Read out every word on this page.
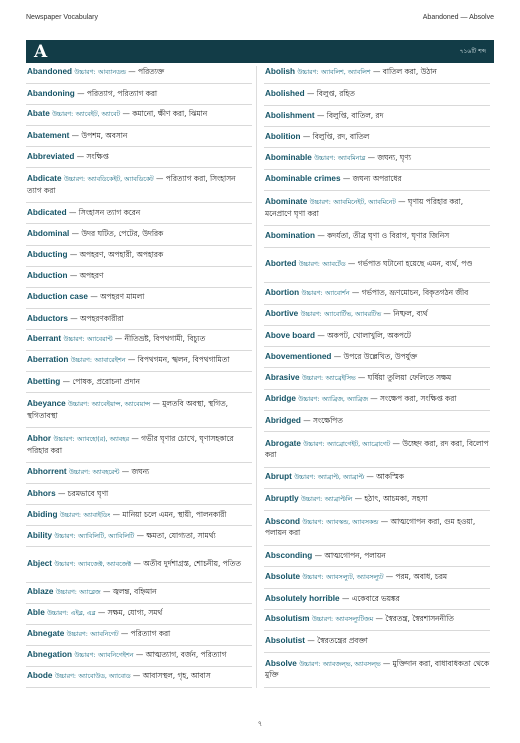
Newspaper Vocabulary	Abandoned — Absolve
A	৭১৬টি শব্দ

Abandoned উচ্চারণ: আব্যানডন্ড — পরিত্যক্ত

Abandoning — পরিত্যাগ, পরিত্যাগ করা

Abate উচ্চারণ: অ্যাবেইট, অ্যাবেট — কমানো, ক্ষীণ করা, ঝিমান

Abatement — উপশম, অবসান

Abbreviated — সংক্ষিপ্ত

Abdicate উচ্চারণ: অ্যাবডিকেইট, অ্যাবডিকেট — পরিত্যাগ করা, সিংহাসন ত্যাগ করা

Abdicated — সিংহাসন ত্যাগ করেন

Abdominal — উদর ঘটিত, পেটের, উদরিক

Abducting — অপহরণ, অপহারী, অপহারক

Abduction — অপহরণ

Abduction case — অপহরণ মামলা

Abductors — অপহরণকারীরা

Aberrant উচ্চারণ: অ্যাবেরান্ট — নীতিভ্রষ্ট, বিপথগামী, বিচ্যুত

Aberration উচ্চারণ: অ্যাবারেইশন — বিপথগমন, স্খলন, বিপথগামিতা

Abetting — পোষক, প্ররোচনা প্রদান

Abeyance উচ্চারণ: অ্যাবেইয়ান্স, অ্যাবেয়ান্স — মুলতবি অবস্থা, স্থগিত, স্থগিতাবস্থা

Abhor উচ্চারণ: অ্যাবহো(র), অ্যাবহর — গভীর ঘৃণার চোখে, ঘৃণাসহকারে পরিহার করা

Abhorrent উচ্চারণ: অ্যাবহরেন্ট — জঘন্য

Abhors — চরমভাবে ঘৃণা

Abiding উচ্চারণ: অ্যাবাইডিং — মানিয়া চলে এমন, স্থায়ী, পালনকারী

Ability উচ্চারণ: অ্যাবিলিটি, অ্যাবিলিটি — ক্ষমতা, যোগ্যতা, সামর্থ্য

Abject উচ্চারণ: অ্যাবজেক্ট, অ্যাবজেক্ট — অতীব দুর্দশাগ্রস্ত, শোচনীয়, পতিত

Ablaze উচ্চারণ: অ্যাব্লেজ — জ্বলন্ত, বহ্নিমান

Able উচ্চারণ: এইব্ল, এব্ল — সক্ষম, যোগ্য, সমর্থ

Abnegate উচ্চারণ: অ্যাবনিগেট — পরিত্যাগ করা

Abnegation উচ্চারণ: অ্যাবনিগেইশন — আত্মত্যাগ, বর্জন, পরিত্যাগ

Abode উচ্চারণ: অ্যাবোউড, অ্যাবোড — আবাসস্থল, গৃহ, আবাস

Abolish উচ্চারণ: অ্যাবলিশ, অ্যাবলিশ — বাতিল করা, উঠান

Abolished — বিলুপ্ত, রহিত

Abolishment — বিলুপ্তি, বাতিল, রদ

Abolition — বিলুপ্তি, রদ, বাতিল

Abominable উচ্চারণ: অ্যাবমিনাব্ল — জঘন্য, ঘৃণ্য

Abominable crimes — জঘন্য অপরাধের

Abominate উচ্চারণ: অ্যাবমিনেইট, অ্যাবমিনেট — ঘৃণায় পরিহার করা, মনেপ্রাণে ঘৃণা করা

Abomination — কদর্যতা, তীব্র ঘৃণা ও বিরাগ, ঘৃণার জিনিস

Aborted উচ্চারণ: অ্যাবর্টেড — গর্ভপাত ঘটানো হয়েছে এমন, ব্যর্থ, পণ্ড

Abortion উচ্চারণ: অ্যাবোর্শন — গর্ভপাত, ভ্রূণমোচন, বিকৃতগঠন জীব

Abortive উচ্চারণ: অ্যাবোর্টিভ, অ্যাবরটিভ — নিষ্ফল, ব্যর্থ

Above board — অকপট, খোলাখুলি, অকপটে

Abovementioned — উপরে উল্লেখিত, উপর্যুক্ত

Abrasive উচ্চারণ: অ্যাব্রেইসিভ — ঘর্ষিয়া তুলিয়া ফেলিতে সক্ষম

Abridge উচ্চারণ: অ্যাব্রিজ, অ্যাব্রিজ — সংক্ষেপ করা, সংক্ষিপ্ত করা

Abridged — সংক্ষেপিত

Abrogate উচ্চারণ: অ্যাব্রোগেইট, অ্যাব্রোগেট — উচ্ছেদ করা, রদ করা, বিলোপ করা

Abrupt উচ্চারণ: অ্যাব্রাপ্ট, অ্যাব্রাপ্ট — আকস্মিক

Abruptly উচ্চারণ: অ্যাব্রাপ্টলি — হঠাৎ, আচমকা, সহসা

Abscond উচ্চারণ: অ্যাবস্কন্ড, অ্যাবসকন্ড — আত্মগোপন করা, গুম হওয়া, পলায়ন করা

Absconding — আত্মগোপন, পলায়ন

Absolute উচ্চারণ: অ্যাবসল্যুট, অ্যাবসল্যুট — পরম, অবাধ, চরম

Absolutely horrible — একেবারে ভয়ঙ্কর

Absolutism উচ্চারণ: অ্যাবসল্যুটিজম — স্বৈরতন্ত্র, স্বৈরশাসননীতি

Absolutist — স্বৈরতন্ত্রের প্রবক্তা

Absolve উচ্চারণ: অ্যাবজল্ভ, অ্যাবসল্ভ — মুক্তিদান করা, বাধাবাধকতা থেকে মুক্তি

৭
